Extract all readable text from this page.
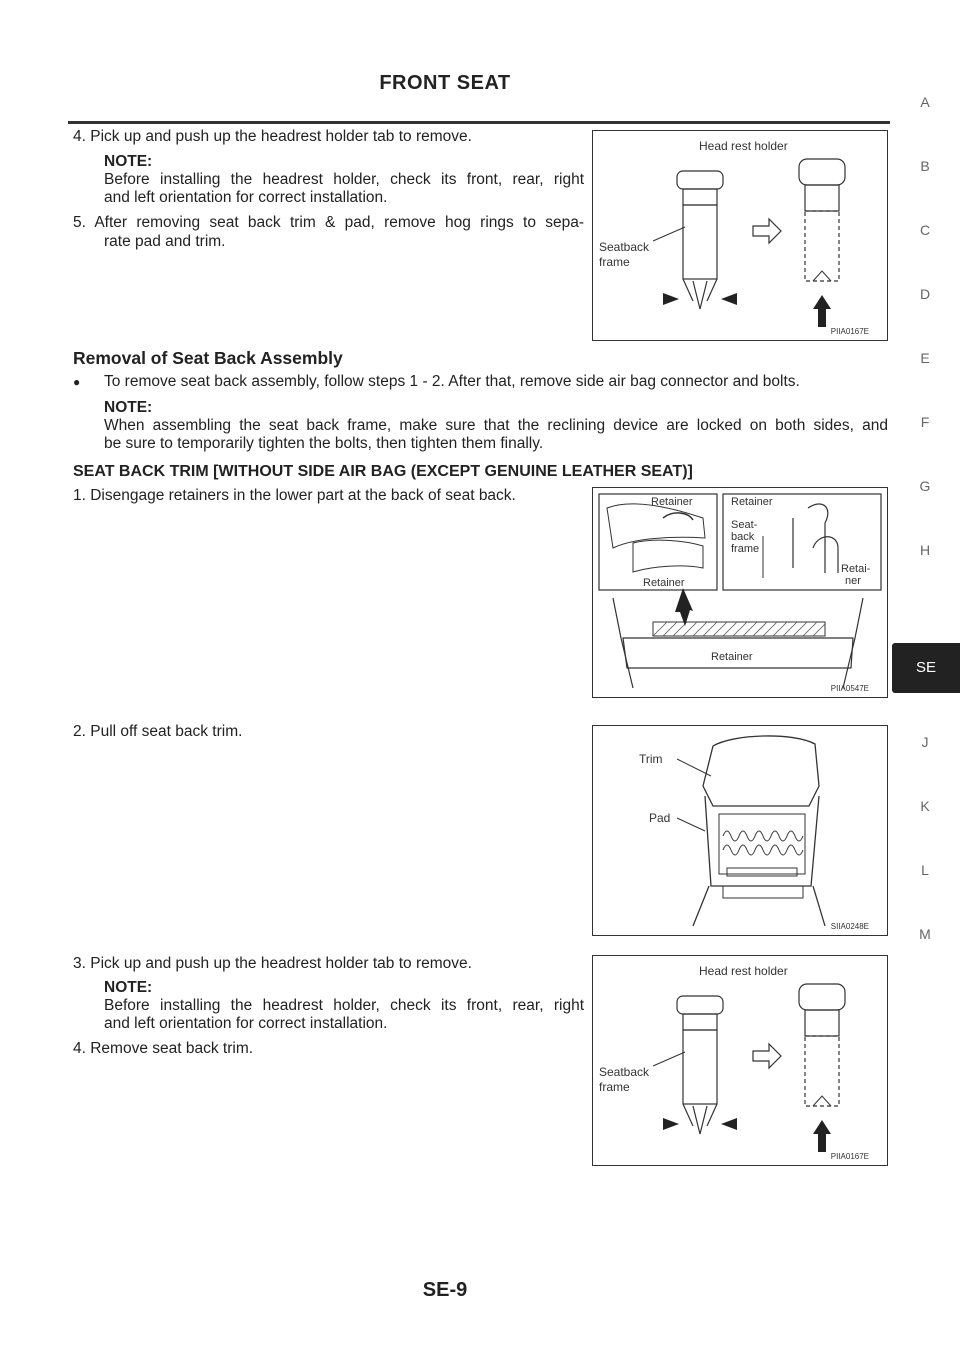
FRONT SEAT
A
B
C
D
E
F
G
H
SE
J
K
L
M
4. Pick up and push up the headrest holder tab to remove.
NOTE:
Before installing the headrest holder, check its front, rear, right
and left orientation for correct installation.
5. After removing seat back trim & pad, remove hog rings to sepa-
rate pad and trim.
Head rest holder
Seatback
frame
PIIA0167E
Removal of Seat Back Assembly
● To remove seat back assembly, follow steps 1 - 2. After that, remove side air bag connector and bolts.
NOTE:
When assembling the seat back frame, make sure that the reclining device are locked on both sides, and
be sure to temporarily tighten the bolts, then tighten them finally.
SEAT BACK TRIM [WITHOUT SIDE AIR BAG (EXCEPT GENUINE LEATHER SEAT)]
1. Disengage retainers in the lower part at the back of seat back.	Retainer
Retainer
Retainer
Seat-
back
frame
Retai-
ner
Retainer
PIIA0547E
2. Pull off seat back trim.
Trim
Pad
SIIA0248E
3. Pick up and push up the headrest holder tab to remove.
NOTE:
Before installing the headrest holder, check its front, rear, right
and left orientation for correct installation.
4. Remove seat back trim.
Head rest holder
Seatback
frame
PIIA0167E
SE-9
